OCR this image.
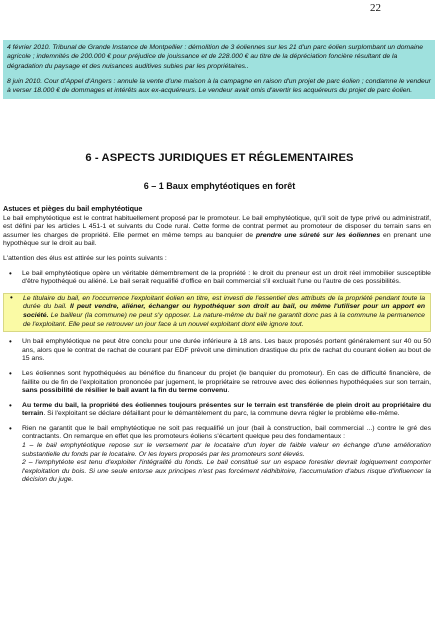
22

4 février 2010. Tribunal de Grande Instance de Montpellier : démolition de 3 éoliennes sur les 21 d'un parc éolien surplombant un domaine agricole ; indemnités de 200.000 € pour préjudice de jouissance et de 228.000 € au titre de la dépréciation foncière résultant de la dégradation du paysage et des nuisances auditives subies par les propriétaires..

8 juin 2010. Cour d'Appel d'Angers : annule la vente d'une maison à la campagne en raison d'un projet de parc éolien ; condamne le vendeur à verser 18.000 € de dommages et intérêts aux ex-acquéreurs. Le vendeur avait omis d'avertir les acquéreurs du projet de parc éolien.

6 - ASPECTS JURIDIQUES ET RÉGLEMENTAIRES
6 – 1 Baux emphytéotiques en forêt
Astuces et pièges du bail emphytéotique

Le bail emphytéotique est le contrat habituellement proposé par le promoteur. Le bail emphytéotique, qu'il soit de type privé ou administratif, est défini par les articles L 451-1 et suivants du Code rural. Cette forme de contrat permet au promoteur de disposer du terrain sans en assumer les charges de propriété. Elle permet en même temps au banquier de prendre une sûreté sur les éoliennes en prenant une hypothèque sur le droit au bail.

L'attention des élus est attirée sur les points suivants :

• Le bail emphytéotique opère un véritable démembrement de la propriété : le droit du preneur est un droit réel immobilier susceptible d'être hypothéqué ou aliéné. Le bail serait requalifié d'office en bail commercial s'il excluait l'une ou l'autre de ces possibilités.
• Le titulaire du bail, en l'occurrence l'exploitant éolien en titre, est investi de l'essentiel des attributs de la propriété pendant toute la durée du bail. Il peut vendre, aliéner, échanger ou hypothéquer son droit au bail, ou même l'utiliser pour un apport en société. Le bailleur (la commune) ne peut s'y opposer. La nature-même du bail ne garantit donc pas à la commune la permanence de l'exploitant. Elle peut se retrouver un jour face à un nouvel exploitant dont elle ignore tout.
• Un bail emphytéotique ne peut être conclu pour une durée inférieure à 18 ans. Les baux proposés portent généralement sur 40 ou 50 ans, alors que le contrat de rachat de courant par EDF prévoit une diminution drastique du prix de rachat du courant éolien au bout de 15 ans.
• Les éoliennes sont hypothéquées au bénéfice du financeur du projet (le banquier du promoteur). En cas de difficulté financière, de faillite ou de fin de l'exploitation prononcée par jugement, le propriétaire se retrouve avec des éoliennes hypothéquées sur son terrain, sans possibilité de résilier le bail avant la fin du terme convenu.
• Au terme du bail, la propriété des éoliennes toujours présentes sur le terrain est transférée de plein droit au propriétaire du terrain. Si l'exploitant se déclare défaillant pour le démantèlement du parc, la commune devra régler le problème elle-même.
• Rien ne garantit que le bail emphytéotique ne soit pas requalifié un jour (bail à construction, bail commercial ...) contre le gré des contractants. On remarque en effet que les promoteurs éoliens s'écartent quelque peu des fondamentaux :

1 – le bail emphytéotique repose sur le versement par le locataire d'un loyer de faible valeur en échange d'une amélioration substantielle du fonds par le locataire. Or les loyers proposés par les promoteurs sont élevés.

2 – l'emphytéote est tenu d'exploiter l'intégralité du fonds. Le bail constitué sur un espace forestier devrait logiquement comporter l'exploitation du bois. Si une seule entorse aux principes n'est pas forcément rédhibitoire, l'accumulation d'abus risque d'influencer la décision du juge.
